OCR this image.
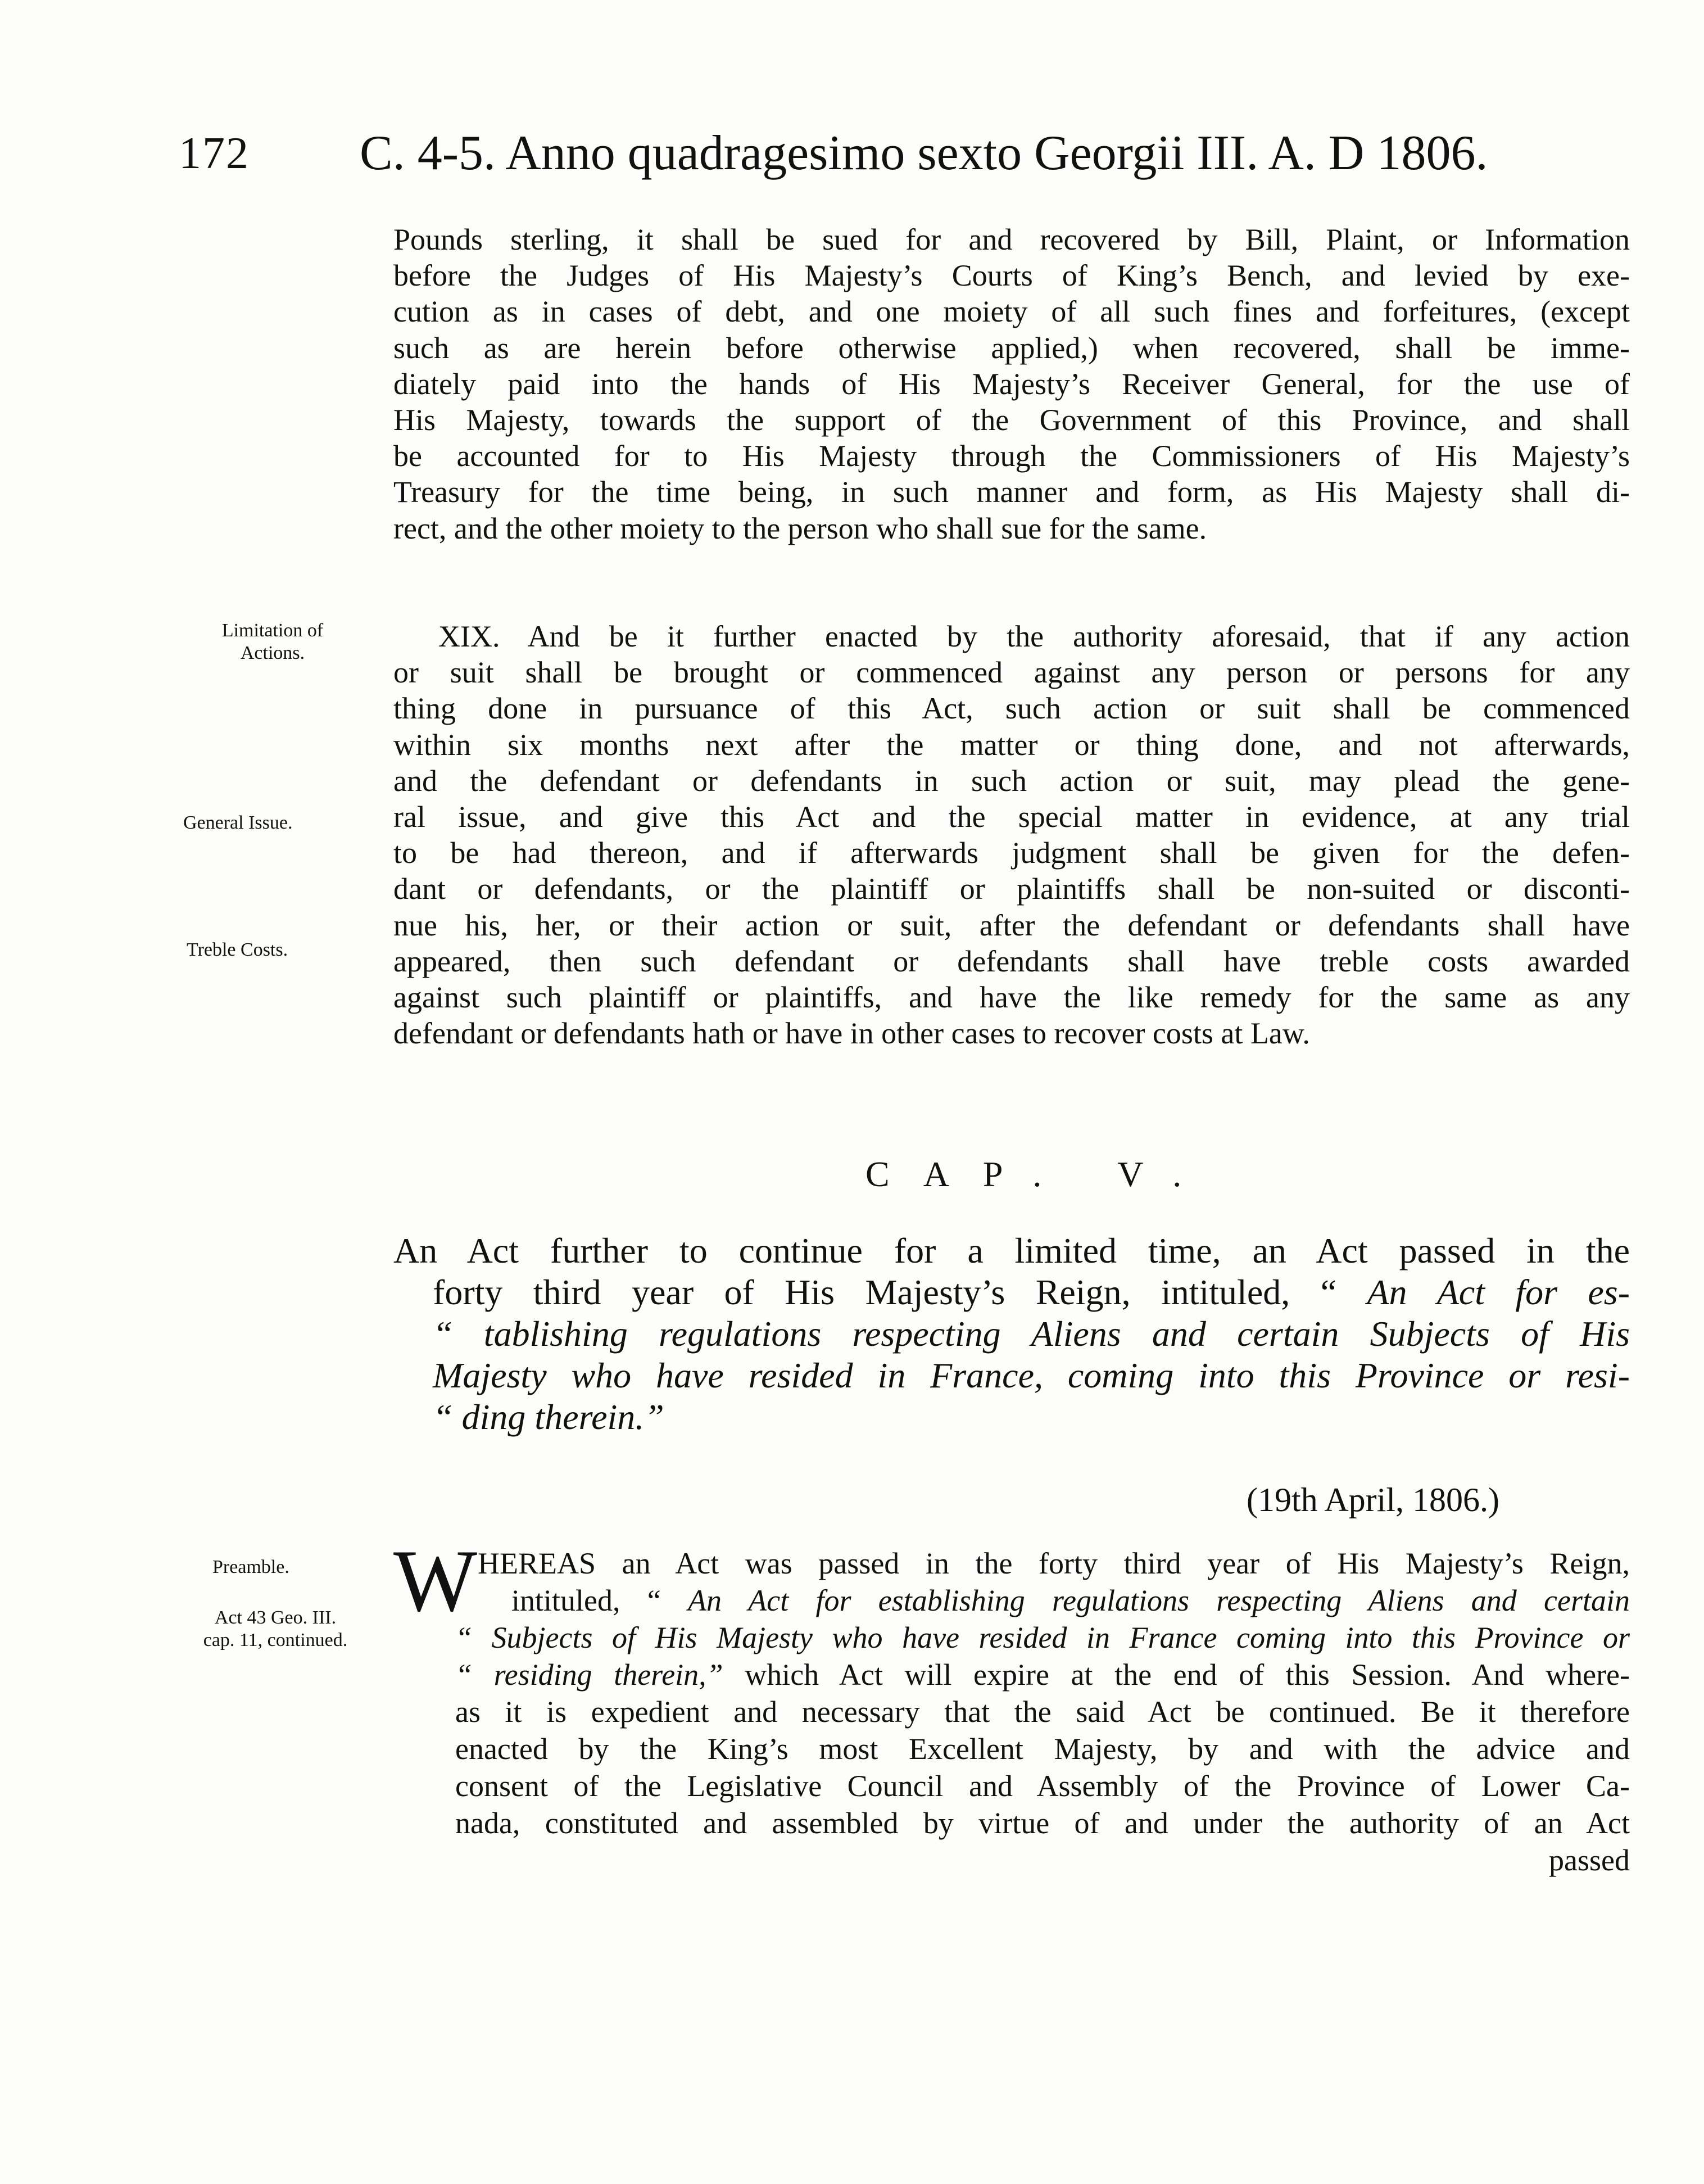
172 C. 4-5. Anno quadragesimo sexto Georgii III. A. D 1806.
Pounds sterling, it shall be sued for and recovered by Bill, Plaint, or Information
before the Judges of His Majesty’s Courts of King’s Bench, and levied by exe-
cution as in cases of debt, and one moiety of all such fines and forfeitures, (except
such as are herein before otherwise applied,) when recovered, shall be imme-
diately paid into the hands of His Majesty’s Receiver General, for the use of
His Majesty, towards the support of the Government of this Province, and shall
be accounted for to His Majesty through the Commissioners of His Majesty’s
Treasury for the time being, in such manner and form, as His Majesty shall di-
rect, and the other moiety to the person who shall sue for the same.
Limitation of
Actions.
General Issue.
Treble Costs.
XIX. And be it further enacted by the authority aforesaid, that if any action
or suit shall be brought or commenced against any person or persons for any
thing done in pursuance of this Act, such action or suit shall be commenced
within six months next after the matter or thing done, and not afterwards,
and the defendant or defendants in such action or suit, may plead the gene-
ral issue, and give this Act and the special matter in evidence, at any trial
to be had thereon, and if afterwards judgment shall be given for the defen-
dant or defendants, or the plaintiff or plaintiffs shall be non-suited or disconti-
nue his, her, or their action or suit, after the defendant or defendants shall have
appeared, then such defendant or defendants shall have treble costs awarded
against such plaintiff or plaintiffs, and have the like remedy for the same as any
defendant or defendants hath or have in other cases to recover costs at Law.
CAP. V.
An Act further to continue for a limited time, an Act passed in the
forty third year of His Majesty’s Reign, intituled, “ An Act for es-
“ tablishing regulations respecting Aliens and certain Subjects of His
Majesty who have resided in France, coming into this Province or resi-
“ ding therein.”
(19th April, 1806.)
Preamble.
Act 43 Geo. III.
cap. 11, continued.
W HEREAS an Act was passed in the forty third year of His Majesty’s Reign,
intituled, “ An Act for establishing regulations respecting Aliens and certain
“ Subjects of His Majesty who have resided in France coming into this Province or
“ residing therein,” which Act will expire at the end of this Session. And where-
as it is expedient and necessary that the said Act be continued. Be it therefore
enacted by the King’s most Excellent Majesty, by and with the advice and
consent of the Legislative Council and Assembly of the Province of Lower Ca-
nada, constituted and assembled by virtue of and under the authority of an Act
passed
